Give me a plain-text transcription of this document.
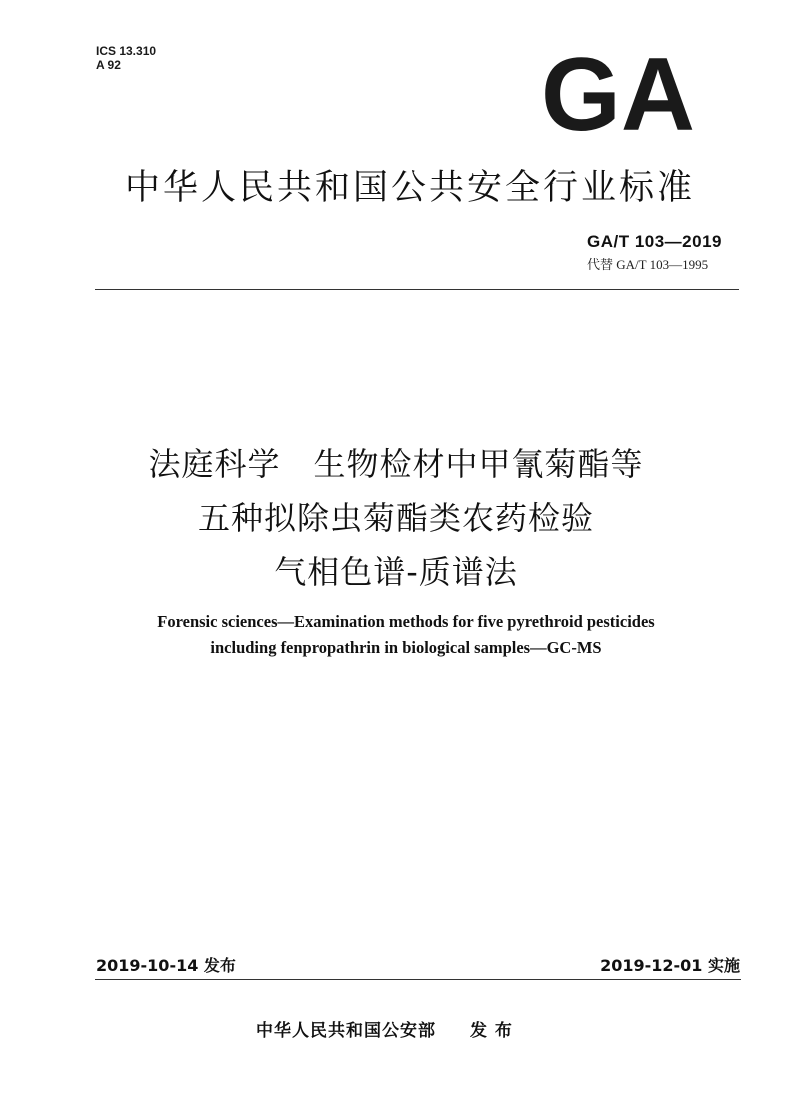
ICS 13.310
A 92	GA
中华人民共和国公共安全行业标准
GA/T 103—2019
代替 GA/T 103—1995
法庭科学　生物检材中甲氰菊酯等
五种拟除虫菊酯类农药检验
气相色谱-质谱法
Forensic sciences—Examination methods for five pyrethroid pesticides
including fenpropathrin in biological samples—GC-MS
2019-10-14 发布	2019-12-01 实施
中华人民共和国公安部 发 布
